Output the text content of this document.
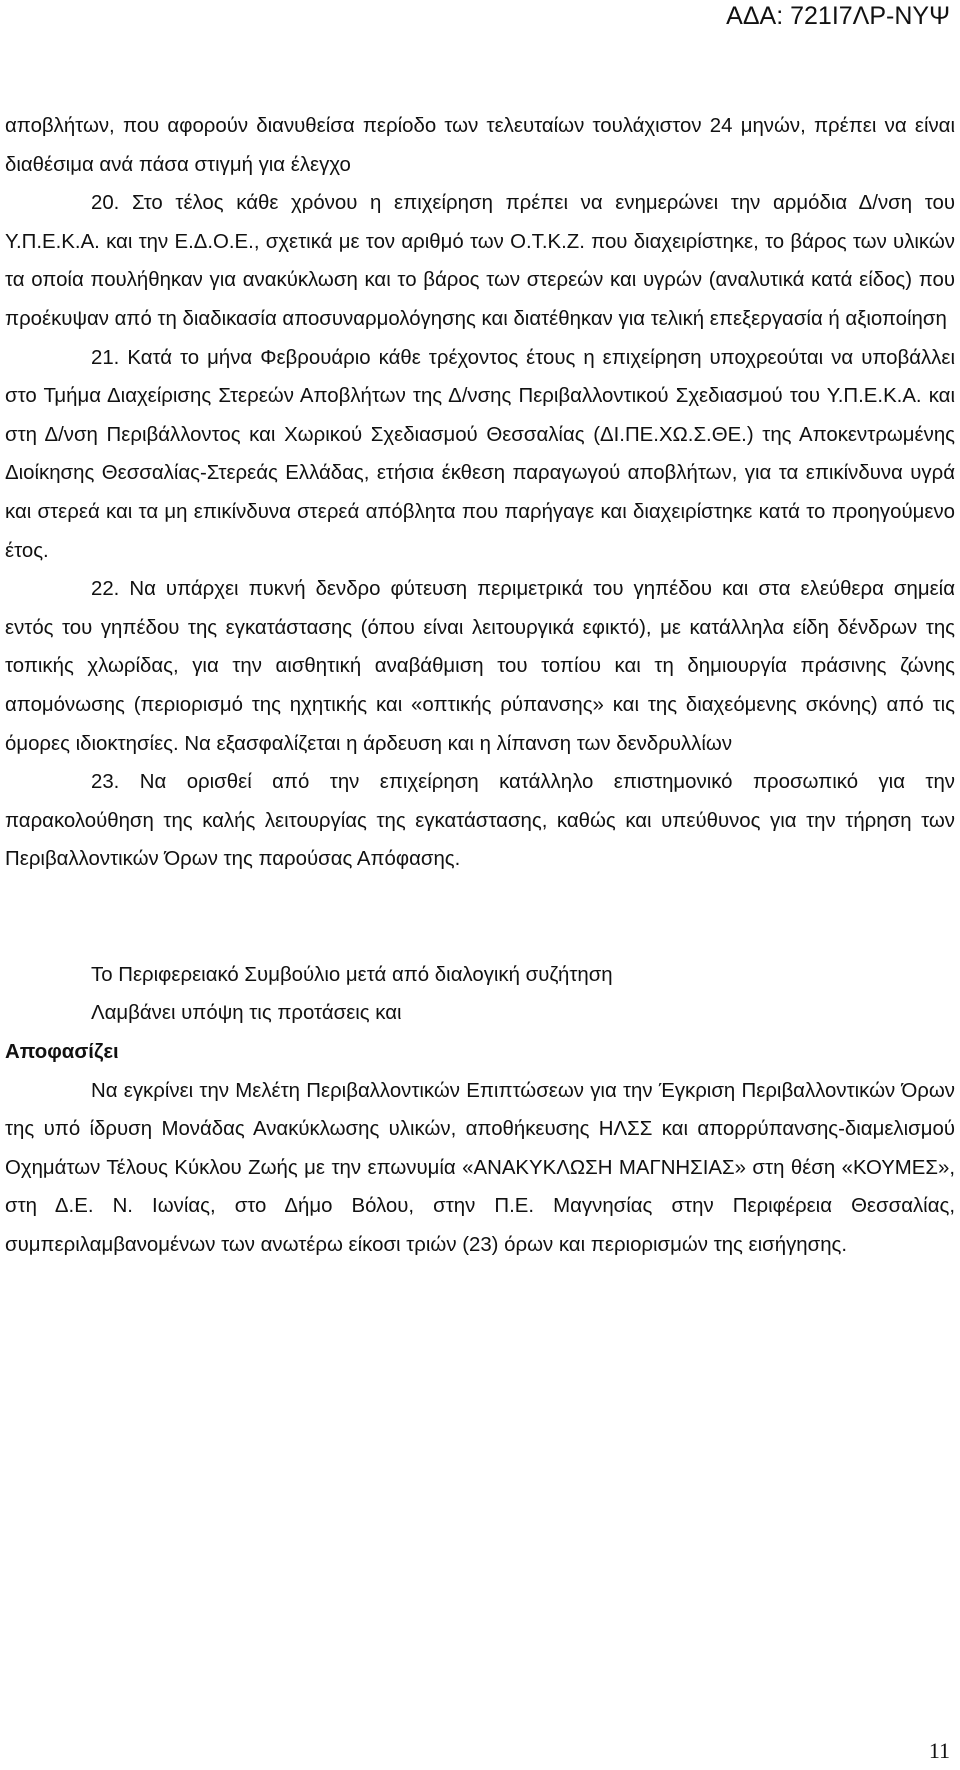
ΑΔΑ: 721Ι7ΛΡ-ΝΥΨ

αποβλήτων, που αφορούν διανυθείσα περίοδο των τελευταίων τουλάχιστον 24 μηνών, πρέπει να είναι διαθέσιμα ανά πάσα στιγμή για έλεγχο

20. Στο τέλος κάθε χρόνου η επιχείρηση πρέπει να ενημερώνει την αρμόδια Δ/νση του Υ.Π.Ε.Κ.Α. και την Ε.Δ.Ο.Ε., σχετικά με τον αριθμό των Ο.Τ.Κ.Ζ. που διαχειρίστηκε, το βάρος των υλικών τα οποία πουλήθηκαν για ανακύκλωση και το βάρος των στερεών και υγρών (αναλυτικά κατά είδος) που προέκυψαν από τη διαδικασία αποσυναρμολόγησης και διατέθηκαν για τελική επεξεργασία ή αξιοποίηση

21. Κατά το μήνα Φεβρουάριο κάθε τρέχοντος έτους η επιχείρηση υποχρεούται να υποβάλλει στο Τμήμα Διαχείρισης Στερεών Αποβλήτων της Δ/νσης Περιβαλλοντικού Σχεδιασμού του Υ.Π.Ε.Κ.Α. και στη Δ/νση Περιβάλλοντος και Χωρικού Σχεδιασμού Θεσσαλίας (ΔΙ.ΠΕ.ΧΩ.Σ.ΘΕ.) της Αποκεντρωμένης Διοίκησης Θεσσαλίας-Στερεάς Ελλάδας, ετήσια έκθεση παραγωγού αποβλήτων, για τα επικίνδυνα υγρά και στερεά και τα μη επικίνδυνα στερεά απόβλητα που παρήγαγε και διαχειρίστηκε κατά το προηγούμενο έτος.

22. Να υπάρχει πυκνή δενδρο φύτευση περιμετρικά του γηπέδου και στα ελεύθερα σημεία εντός του γηπέδου της εγκατάστασης (όπου είναι λειτουργικά εφικτό), με κατάλληλα είδη δένδρων της τοπικής χλωρίδας, για την αισθητική αναβάθμιση του τοπίου και τη δημιουργία πράσινης ζώνης απομόνωσης (περιορισμό της ηχητικής και «οπτικής ρύπανσης» και της διαχεόμενης σκόνης) από τις όμορες ιδιοκτησίες. Να εξασφαλίζεται η άρδευση και η λίπανση των δενδρυλλίων

23. Να ορισθεί από την επιχείρηση κατάλληλο επιστημονικό προσωπικό για την παρακολούθηση της καλής λειτουργίας της εγκατάστασης, καθώς και υπεύθυνος για την τήρηση των Περιβαλλοντικών Όρων της παρούσας Απόφασης.

Το Περιφερειακό Συμβούλιο μετά από διαλογική συζήτηση

Λαμβάνει υπόψη τις προτάσεις και

Αποφασίζει

Να εγκρίνει την Μελέτη Περιβαλλοντικών Επιπτώσεων για την Έγκριση Περιβαλλοντικών Όρων της υπό ίδρυση Μονάδας Ανακύκλωσης υλικών, αποθήκευσης ΗΛΣΣ και απορρύπανσης-διαμελισμού Οχημάτων Τέλους Κύκλου Ζωής με την επωνυμία «ΑΝΑΚΥΚΛΩΣΗ ΜΑΓΝΗΣΙΑΣ» στη θέση «ΚΟΥΜΕΣ», στη Δ.Ε. Ν. Ιωνίας, στο Δήμο Βόλου, στην Π.Ε. Μαγνησίας στην Περιφέρεια Θεσσαλίας, συμπεριλαμβανομένων των ανωτέρω είκοσι τριών (23) όρων και περιορισμών της εισήγησης.

11
